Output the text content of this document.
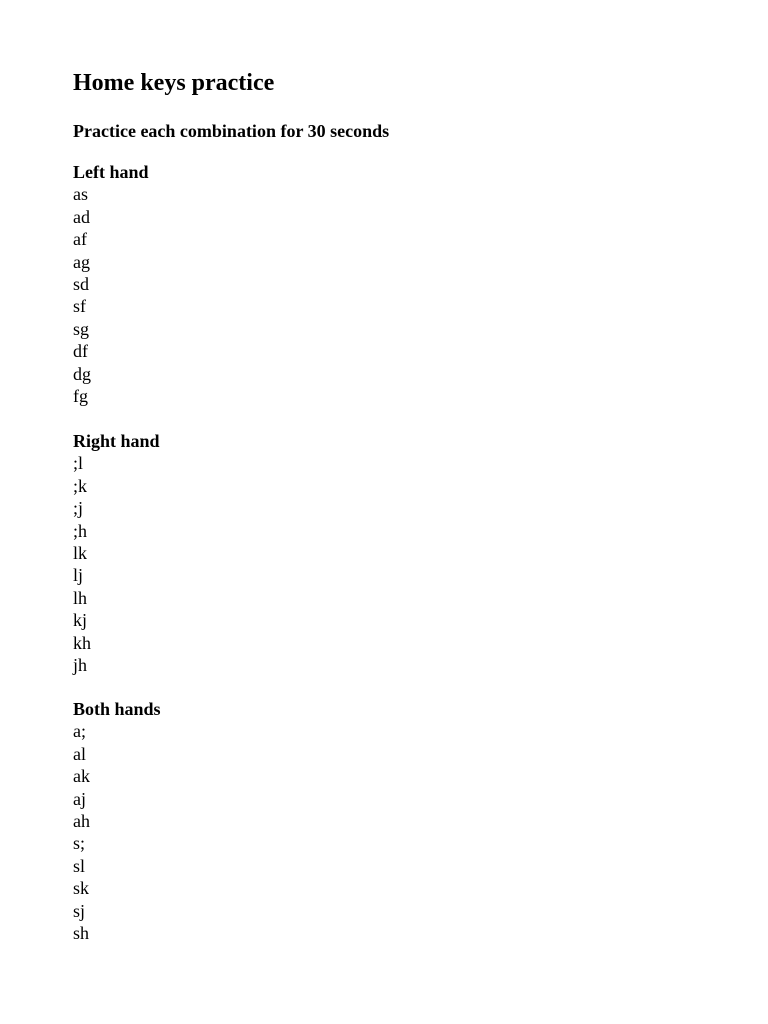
Home keys practice
Practice each combination for 30 seconds
Left hand
as
ad
af
ag
sd
sf
sg
df
dg
fg
Right hand
;l
;k
;j
;h
lk
lj
lh
kj
kh
jh
Both hands
a;
al
ak
aj
ah
s;
sl
sk
sj
sh
